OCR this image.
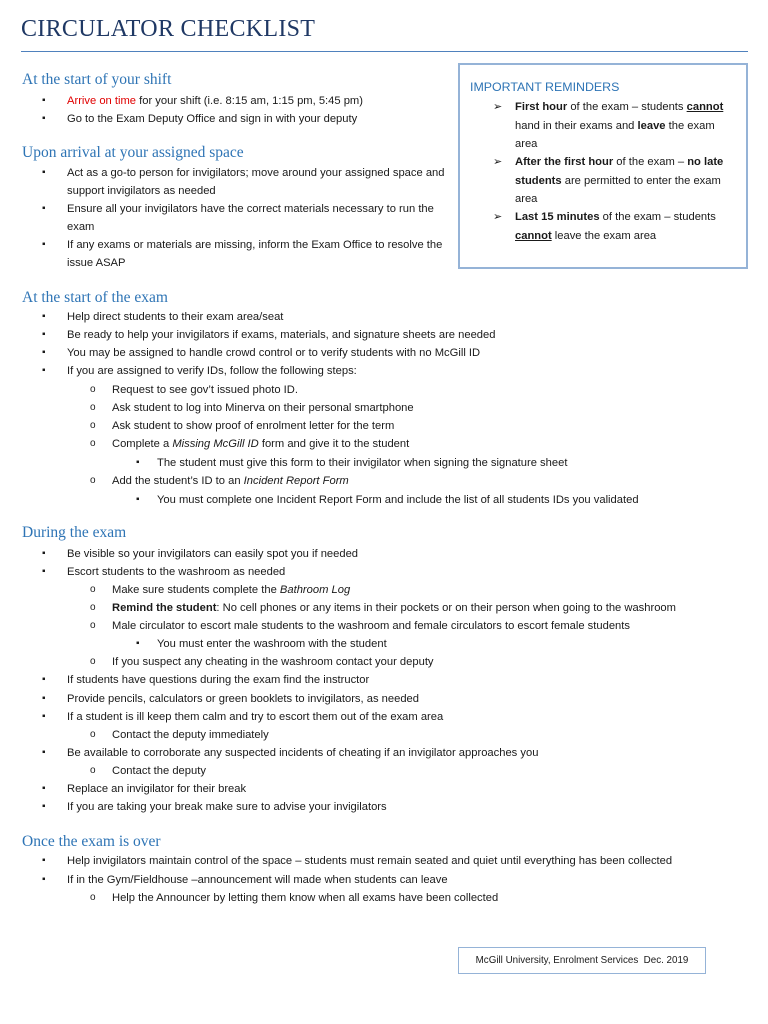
CIRCULATOR CHECKLIST
At the start of your shift
▪ Arrive on time for your shift (i.e. 8:15 am, 1:15 pm, 5:45 pm)
▪ Go to the Exam Deputy Office and sign in with your deputy
Upon arrival at your assigned space
▪ Act as a go-to person for invigilators; move around your assigned space and support invigilators as needed
▪ Ensure all your invigilators have the correct materials necessary to run the exam
▪ If any exams or materials are missing, inform the Exam Office to resolve the issue ASAP
IMPORTANT REMINDERS
➢ First hour of the exam – students cannot hand in their exams and leave the exam area
➢ After the first hour of the exam – no late students are permitted to enter the exam area
➢ Last 15 minutes of the exam – students cannot leave the exam area
At the start of the exam
▪ Help direct students to their exam area/seat
▪ Be ready to help your invigilators if exams, materials, and signature sheets are needed
▪ You may be assigned to handle crowd control or to verify students with no McGill ID
▪ If you are assigned to verify IDs, follow the following steps:
o Request to see gov’t issued photo ID.
o Ask student to log into Minerva on their personal smartphone
o Ask student to show proof of enrolment letter for the term
o Complete a Missing McGill ID form and give it to the student
▪ The student must give this form to their invigilator when signing the signature sheet
o Add the student’s ID to an Incident Report Form
▪ You must complete one Incident Report Form and include the list of all students IDs you validated
During the exam
▪ Be visible so your invigilators can easily spot you if needed
▪ Escort students to the washroom as needed
o Make sure students complete the Bathroom Log
o Remind the student: No cell phones or any items in their pockets or on their person when going to the washroom
o Male circulator to escort male students to the washroom and female circulators to escort female students
▪ You must enter the washroom with the student
o If you suspect any cheating in the washroom contact your deputy
▪ If students have questions during the exam find the instructor
▪ Provide pencils, calculators or green booklets to invigilators, as needed
▪ If a student is ill keep them calm and try to escort them out of the exam area
o Contact the deputy immediately
▪ Be available to corroborate any suspected incidents of cheating if an invigilator approaches you
o Contact the deputy
▪ Replace an invigilator for their break
▪ If you are taking your break make sure to advise your invigilators
Once the exam is over
▪ Help invigilators maintain control of the space – students must remain seated and quiet until everything has been collected
▪ If in the Gym/Fieldhouse –announcement will made when students can leave
o Help the Announcer by letting them know when all exams have been collected
McGill University, Enrolment Services  Dec. 2019
